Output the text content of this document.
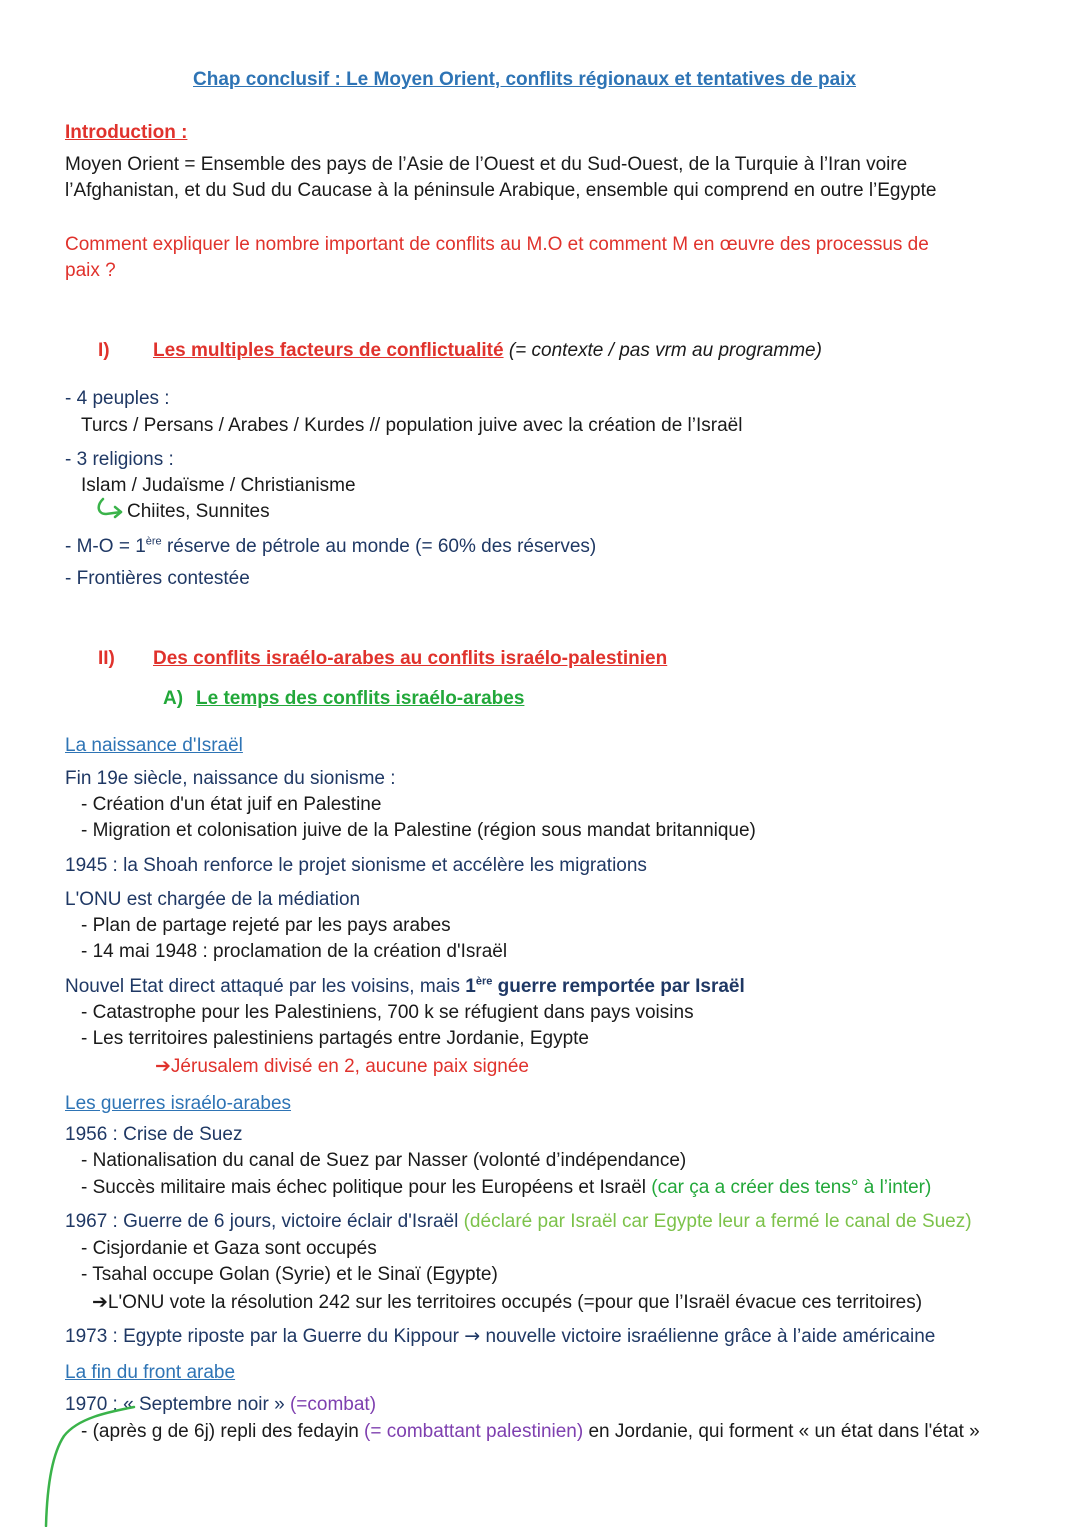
Chap conclusif : Le Moyen Orient, conflits régionaux et tentatives de paix
Introduction :
Moyen Orient = Ensemble des pays de l’Asie de l’Ouest et du Sud-Ouest, de la Turquie à l’Iran voire
l’Afghanistan, et du Sud du Caucase à la péninsule Arabique, ensemble qui comprend en outre l’Egypte
Comment expliquer le nombre important de conflits au M.O et comment M en œuvre des processus de
paix ?
I) Les multiples facteurs de conflictualité (= contexte / pas vrm au programme)
- 4 peuples :
Turcs / Persans / Arabes / Kurdes // population juive avec la création de l’Israël
- 3 religions :
Islam / Judaïsme / Christianisme
Chiites, Sunnites
- M-O = 1ère réserve de pétrole au monde (= 60% des réserves)
- Frontières contestée
II) Des conflits israélo-arabes au conflits israélo-palestinien
A) Le temps des conflits israélo-arabes
La naissance d'Israël
Fin 19e siècle, naissance du sionisme :
- Création d'un état juif en Palestine
- Migration et colonisation juive de la Palestine (région sous mandat britannique)
1945 : la Shoah renforce le projet sionisme et accélère les migrations
L'ONU est chargée de la médiation
- Plan de partage rejeté par les pays arabes
- 14 mai 1948 : proclamation de la création d'Israël
Nouvel Etat direct attaqué par les voisins, mais 1ère guerre remportée par Israël
- Catastrophe pour les Palestiniens, 700 k se réfugient dans pays voisins
- Les territoires palestiniens partagés entre Jordanie, Egypte
➔Jérusalem divisé en 2, aucune paix signée
Les guerres israélo-arabes
1956 : Crise de Suez
- Nationalisation du canal de Suez par Nasser (volonté d’indépendance)
- Succès militaire mais échec politique pour les Européens et Israël (car ça a créer des tens° à l’inter)
1967 : Guerre de 6 jours, victoire éclair d'Israël (déclaré par Israël car Egypte leur a fermé le canal de Suez)
- Cisjordanie et Gaza sont occupés
- Tsahal occupe Golan (Syrie) et le Sinaï (Egypte)
➔L'ONU vote la résolution 242 sur les territoires occupés (=pour que l’Israël évacue ces territoires)
1973 : Egypte riposte par la Guerre du Kippour → nouvelle victoire israélienne grâce à l’aide américaine
La fin du front arabe
1970 : « Septembre noir » (=combat)
- (après g de 6j) repli des fedayin (= combattant palestinien) en Jordanie, qui forment « un état dans l'état »
